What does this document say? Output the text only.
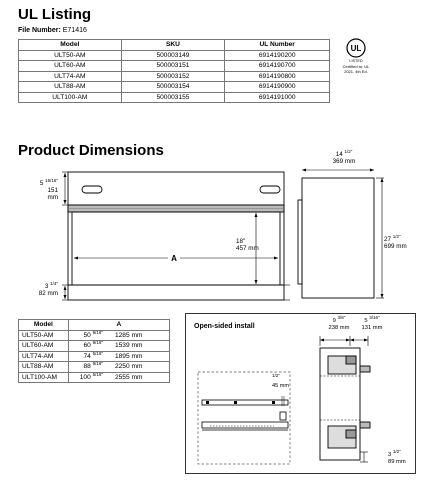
UL Listing
File Number: E71416
Model	SKU	UL Number
ULT50-AM	500003149	6914190200
ULT60-AM	500003151	6914190700
ULT74-AM	500003152	6914190800
ULT88-AM	500003154	6914190900
ULT100-AM	500003155	6914191000
UL
LISTED
Certified to: UL 2021, 4th Ed.
Product Dimensions
A
5 $^{15/16"}$
151 mm
18"
457 mm
3 $^{1/4"}$
82 mm
14 $^{1/2"}$
369 mm
27 $^{1/2"}$
699 mm
Model	A	
ULT50-AM	50 $^{9/16"}$	1285 mm
ULT60-AM	60 $^{9/16"}$	1539 mm
ULT74-AM	74 $^{5/16"}$	1895 mm
ULT88-AM	88 $^{9/16"}$	2250 mm
ULT100-AM	100 $^{5/16"}$	2555 mm
Open-sided install
$^{1/2"}$
45 mm
9 $^{3/8"}$
238 mm
5 $^{3/16"}$
131 mm
3 $^{1/2"}$
89 mm
